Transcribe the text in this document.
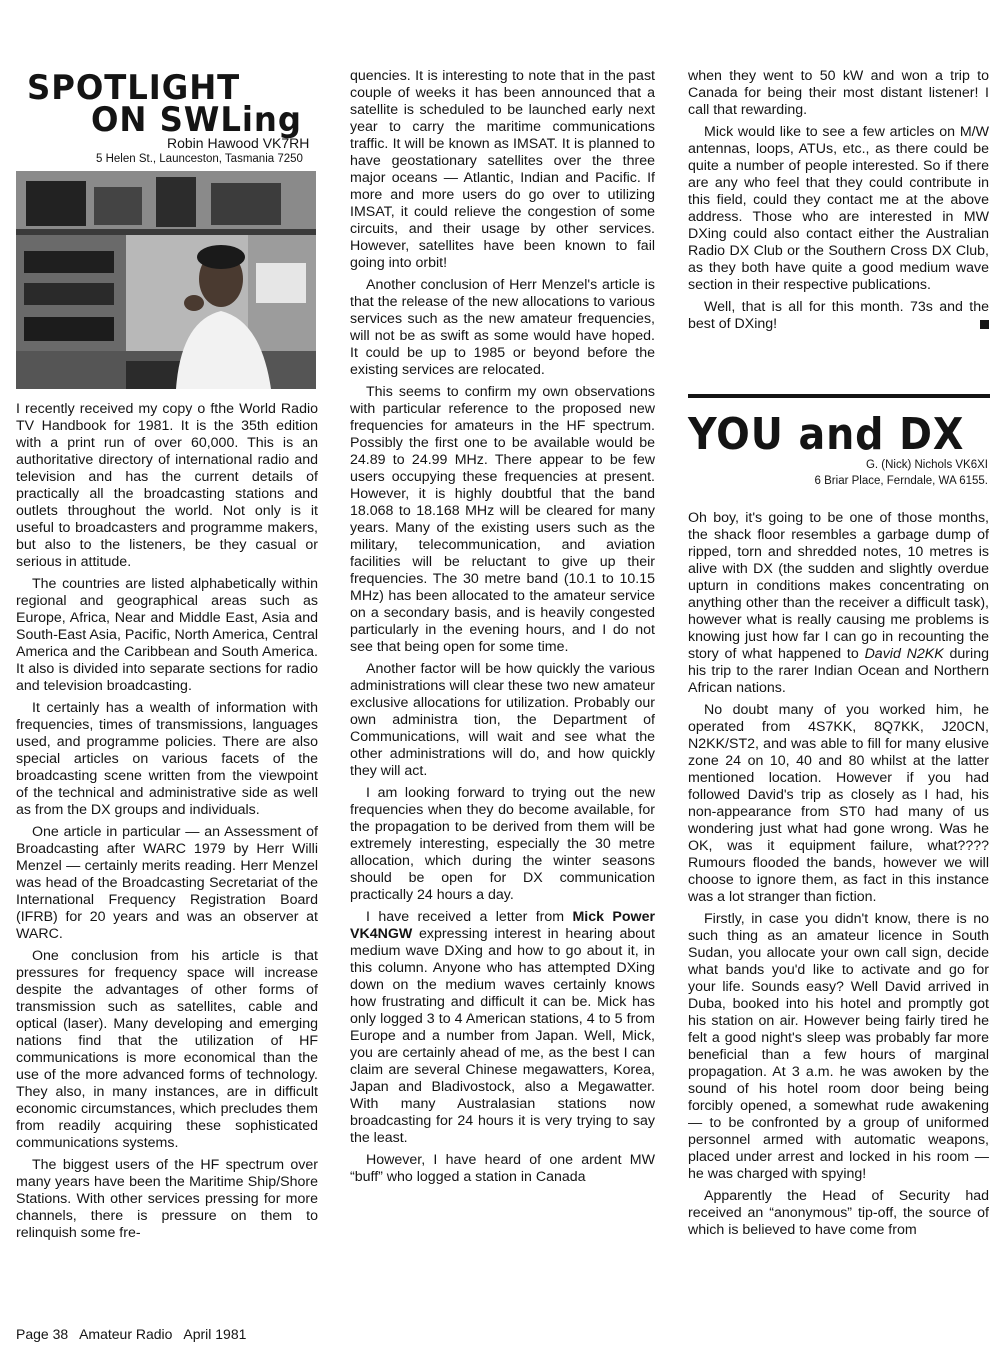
SPOTLIGHT
ON SWLing
Robin Hawood VK7RH
5 Helen St., Launceston, Tasmania 7250

I recently received my copy o fthe World Radio TV Handbook for 1981. It is the 35th edition with a print run of over 60,000. This is an authoritative directory of international radio and television and has the current details of practically all the broadcasting stations and outlets throughout the world. Not only is it useful to broadcasters and programme makers, but also to the listeners, be they casual or serious in attitude.

The countries are listed alphabetically within regional and geographical areas such as Europe, Africa, Near and Middle East, Asia and South-East Asia, Pacific, North America, Central America and the Caribbean and South America. It also is divided into separate sections for radio and television broadcasting.

It certainly has a wealth of information with frequencies, times of transmissions, languages used, and programme policies. There are also special articles on various facets of the broadcasting scene written from the viewpoint of the technical and administrative side as well as from the DX groups and individuals.

One article in particular — an Assessment of Broadcasting after WARC 1979 by Herr Willi Menzel — certainly merits reading. Herr Menzel was head of the Broadcasting Secretariat of the International Frequency Registration Board (IFRB) for 20 years and was an observer at WARC.

One conclusion from his article is that pressures for frequency space will increase despite the advantages of other forms of transmission such as satellites, cable and optical (laser). Many developing and emerging nations find that the utilization of HF communications is more economical than the use of the more advanced forms of technology. They also, in many instances, are in difficult economic circumstances, which precludes them from readily acquiring these sophisticated communications systems.

The biggest users of the HF spectrum over many years have been the Maritime Ship/Shore Stations. With other services pressing for more channels, there is pressure on them to relinquish some fre-

quencies. It is interesting to note that in the past couple of weeks it has been announced that a satellite is scheduled to be launched early next year to carry the maritime communications traffic. It will be known as IMSAT. It is planned to have geostationary satellites over the three major oceans — Atlantic, Indian and Pacific. If more and more users do go over to utilizing IMSAT, it could relieve the congestion of some circuits, and their usage by other services. However, satellites have been known to fail going into orbit!

Another conclusion of Herr Menzel's article is that the release of the new allocations to various services such as the new amateur frequencies, will not be as swift as some would have hoped. It could be up to 1985 or beyond before the existing services are relocated.

This seems to confirm my own observations with particular reference to the proposed new frequencies for amateurs in the HF spectrum. Possibly the first one to be available would be 24.89 to 24.99 MHz. There appear to be few users occupying these frequencies at present. However, it is highly doubtful that the band 18.068 to 18.168 MHz will be cleared for many years. Many of the existing users such as the military, telecommunication, and aviation facilities will be reluctant to give up their frequencies. The 30 metre band (10.1 to 10.15 MHz) has been allocated to the amateur service on a secondary basis, and is heavily congested particularly in the evening hours, and I do not see that being open for some time.

Another factor will be how quickly the various administrations will clear these two new amateur exclusive allocations for utilization. Probably our own administra tion, the Department of Communications, will wait and see what the other administrations will do, and how quickly they will act.

I am looking forward to trying out the new frequencies when they do become available, for the propagation to be derived from them will be extremely interesting, especially the 30 metre allocation, which during the winter seasons should be open for DX communication practically 24 hours a day.

I have received a letter from Mick Power VK4NGW expressing interest in hearing about medium wave DXing and how to go about it, in this column. Anyone who has attempted DXing down on the medium waves certainly knows how frustrating and difficult it can be. Mick has only logged 3 to 4 American stations, 4 to 5 from Europe and a number from Japan. Well, Mick, you are certainly ahead of me, as the best I can claim are several Chinese megawatters, Korea, Japan and Bladivostock, also a Megawatter. With many Australasian stations now broadcasting for 24 hours it is very trying to say the least.

However, I have heard of one ardent MW “buff” who logged a station in Canada

when they went to 50 kW and won a trip to Canada for being their most distant listener! I call that rewarding.

Mick would like to see a few articles on M/W antennas, loops, ATUs, etc., as there could be quite a number of people interested. So if there are any who feel that they could contribute in this field, could they contact me at the above address. Those who are interested in MW DXing could also contact either the Australian Radio DX Club or the Southern Cross DX Club, as they both have quite a good medium wave section in their respective publications.

Well, that is all for this month. 73s and the best of DXing!

YOU and DX
G. (Nick) Nichols VK6XI
6 Briar Place, Ferndale, WA 6155.

Oh boy, it's going to be one of those months, the shack floor resembles a garbage dump of ripped, torn and shredded notes, 10 metres is alive with DX (the sudden and slightly overdue upturn in conditions makes concentrating on anything other than the receiver a difficult task), however what is really causing me problems is knowing just how far I can go in recounting the story of what happened to David N2KK during his trip to the rarer Indian Ocean and Northern African nations.

No doubt many of you worked him, he operated from 4S7KK, 8Q7KK, J20CN, N2KK/ST2, and was able to fill for many elusive zone 24 on 10, 40 and 80 whilst at the latter mentioned location. However if you had followed David's trip as closely as I had, his non-appearance from ST0 had many of us wondering just what had gone wrong. Was he OK, was it equipment failure, what???? Rumours flooded the bands, however we will choose to ignore them, as fact in this instance was a lot stranger than fiction.

Firstly, in case you didn't know, there is no such thing as an amateur licence in South Sudan, you allocate your own call sign, decide what bands you'd like to activate and go for your life. Sounds easy? Well David arrived in Duba, booked into his hotel and promptly got his station on air. However being fairly tired he felt a good night's sleep was probably far more beneficial than a few hours of marginal propagation. At 3 a.m. he was awoken by the sound of his hotel room door being being forcibly opened, a somewhat rude awakening — to be confronted by a group of uniformed personnel armed with automatic weapons, placed under arrest and locked in his room — he was charged with spying!

Apparently the Head of Security had received an “anonymous” tip-off, the source of which is believed to have come from

Page 38 Amateur Radio April 1981
